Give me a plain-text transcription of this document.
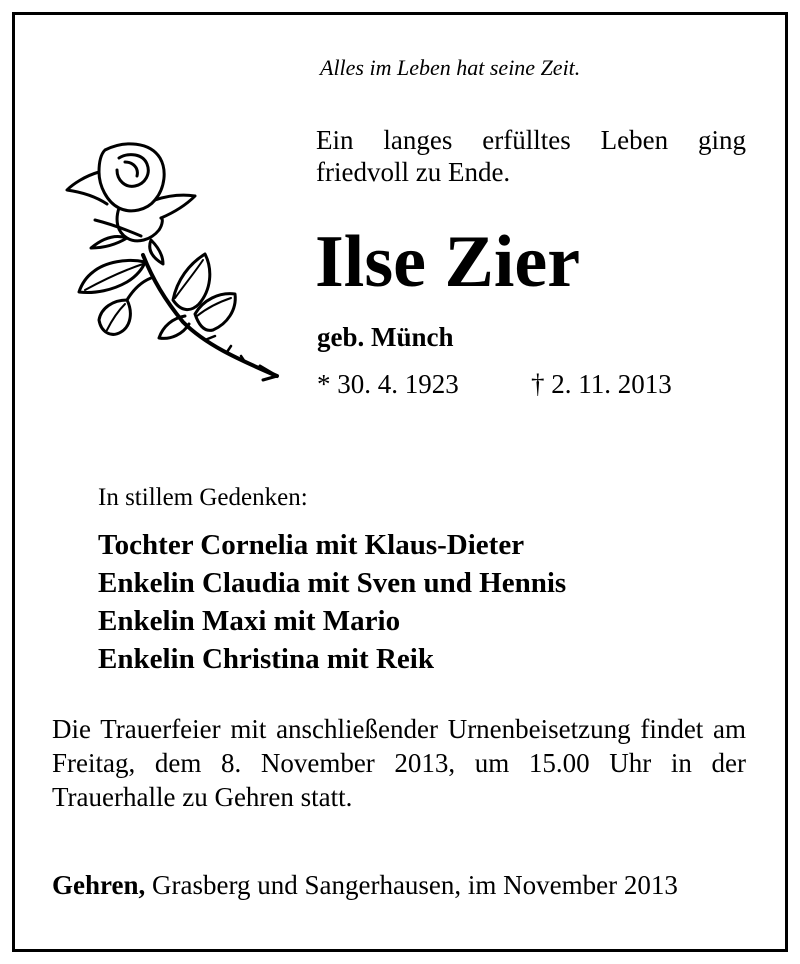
Alles im Leben hat seine Zeit.
Ein langes erfülltes Leben ging friedvoll zu Ende.
Ilse Zier
geb. Münch
* 30. 4. 1923	† 2. 11. 2013
In stillem Gedenken:
Tochter Cornelia mit Klaus-Dieter
Enkelin Claudia mit Sven und Hennis
Enkelin Maxi mit Mario
Enkelin Christina mit Reik
Die Trauerfeier mit anschließender Urnenbeisetzung findet am Freitag, dem 8. November 2013, um 15.00 Uhr in der Trauerhalle zu Gehren statt.
Gehren, Grasberg und Sangerhausen, im November 2013
